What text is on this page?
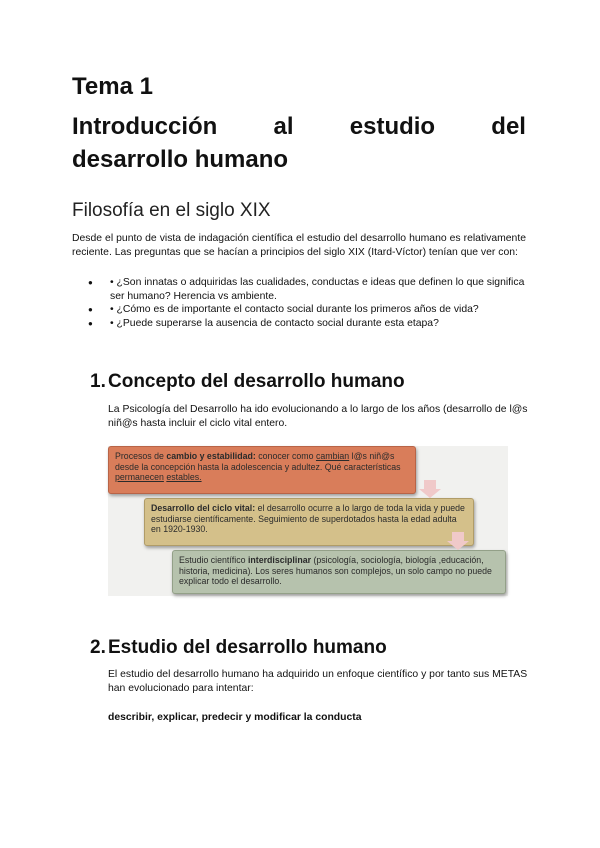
Tema 1
Introducción al estudio del
desarrollo humano
Filosofía en el siglo XIX

Desde el punto de vista de indagación científica el estudio del desarrollo humano es relativamente reciente. Las preguntas que se hacían a principios del siglo XIX (Itard-Víctor) tenían que ver con:

● • ¿Son innatas o adquiridas las cualidades, conductas e ideas que definen lo que significa ser humano? Herencia vs ambiente.
● • ¿Cómo es de importante el contacto social durante los primeros años de vida?
● • ¿Puede superarse la ausencia de contacto social durante esta etapa?
1. Concepto del desarrollo humano

La Psicología del Desarrollo ha ido evolucionando a lo largo de los años (desarrollo de l@s niñ@s hasta incluir el ciclo vital entero.

Procesos de cambio y estabilidad: conocer como cambian l@s niñ@s desde la concepción hasta la adolescencia y adultez. Qué características permanecen estables.
Desarrollo del ciclo vital: el desarrollo ocurre a lo largo de toda la vida y puede estudiarse científicamente. Seguimiento de superdotados hasta la edad adulta en 1920-1930.
Estudio científico interdisciplinar (psicología, sociología, biología ,educación, historia, medicina). Los seres humanos son complejos, un solo campo no puede explicar todo el desarrollo.
2. Estudio del desarrollo humano

El estudio del desarrollo humano ha adquirido un enfoque científico y por tanto sus METAS han evolucionado para intentar:

describir, explicar, predecir y modificar la conducta
